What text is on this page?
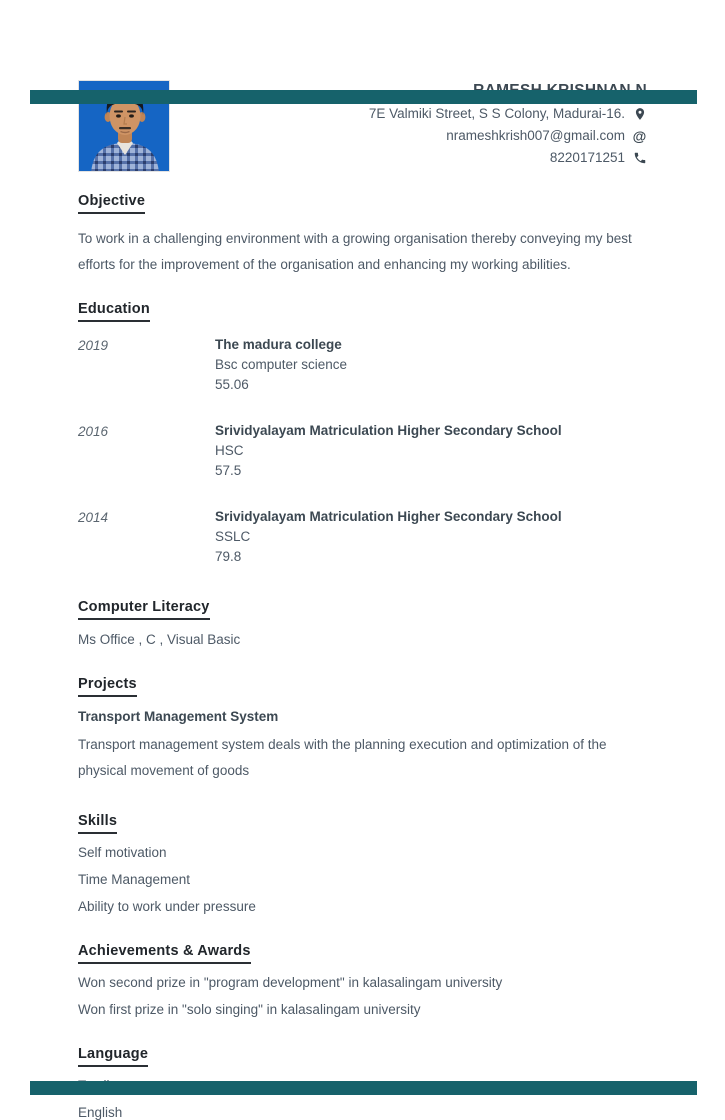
7E Valmiki Street, S S Colony, Madurai-16.
nrameshkrish007@gmail.com @
8220171251
Objective

To work in a challenging environment with a growing organisation thereby conveying my best efforts for the improvement of the organisation and enhancing my working abilities.

Education
2019	The madura college
Bsc computer science
55.06
2016	Srividyalayam Matriculation Higher Secondary School
HSC
57.5
2014	Srividyalayam Matriculation Higher Secondary School
SSLC
79.8
Computer Literacy

Ms Office , C , Visual Basic

Projects
Transport Management System

Transport management system deals with the planning execution and optimization of the physical movement of goods

Skills
Self motivation
Time Management
Ability to work under pressure
Achievements & Awards
Won second prize in "program development" in kalasalingam university
Won first prize in "solo singing" in kalasalingam university
Language
English
